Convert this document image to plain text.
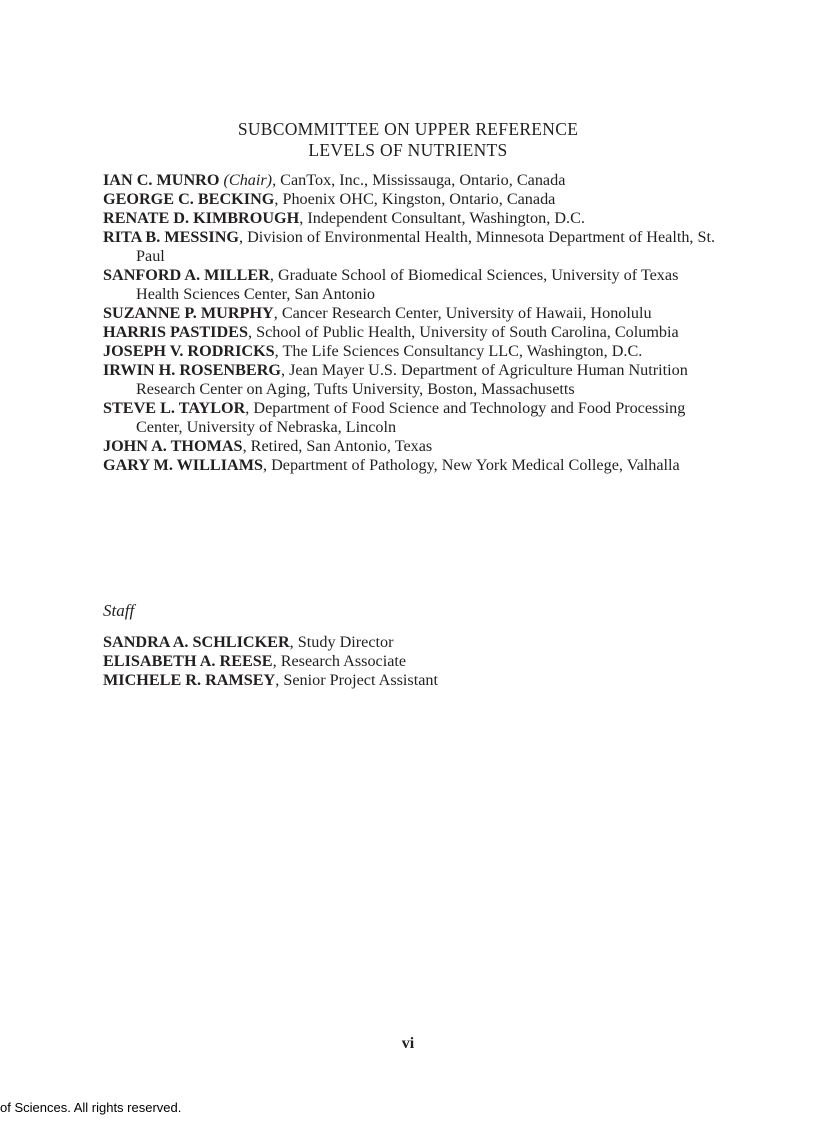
SUBCOMMITTEE ON UPPER REFERENCE
LEVELS OF NUTRIENTS
IAN C. MUNRO (Chair), CanTox, Inc., Mississauga, Ontario, Canada
GEORGE C. BECKING, Phoenix OHC, Kingston, Ontario, Canada
RENATE D. KIMBROUGH, Independent Consultant, Washington, D.C.
RITA B. MESSING, Division of Environmental Health, Minnesota Department of Health, St. Paul
SANFORD A. MILLER, Graduate School of Biomedical Sciences, University of Texas Health Sciences Center, San Antonio
SUZANNE P. MURPHY, Cancer Research Center, University of Hawaii, Honolulu
HARRIS PASTIDES, School of Public Health, University of South Carolina, Columbia
JOSEPH V. RODRICKS, The Life Sciences Consultancy LLC, Washington, D.C.
IRWIN H. ROSENBERG, Jean Mayer U.S. Department of Agriculture Human Nutrition Research Center on Aging, Tufts University, Boston, Massachusetts
STEVE L. TAYLOR, Department of Food Science and Technology and Food Processing Center, University of Nebraska, Lincoln
JOHN A. THOMAS, Retired, San Antonio, Texas
GARY M. WILLIAMS, Department of Pathology, New York Medical College, Valhalla
Staff
SANDRA A. SCHLICKER, Study Director
ELISABETH A. REESE, Research Associate
MICHELE R. RAMSEY, Senior Project Assistant
vi
of Sciences. All rights reserved.
